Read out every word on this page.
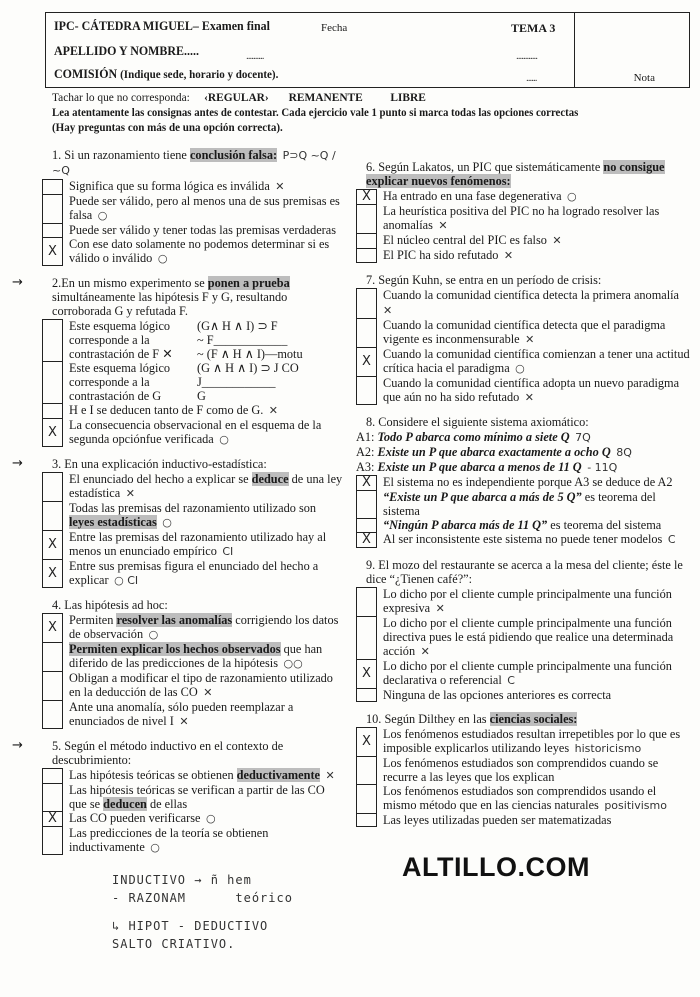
IPC- CÁTEDRA MIGUEL– Examen final	Fecha	TEMA 3
APELLIDO Y NOMBRE.....	..........	............
COMISIÓN (Indique sede, horario y docente).	......	Nota
Tachar lo que no corresponda: ‹REGULAR› REMANENTE LIBRE
Lea atentamente las consignas antes de contestar. Cada ejercicio vale 1 punto si marca todas las opciones correctas
(Hay preguntas con más de una opción correcta).
1. Si un razonamiento tiene conclusión falsa: P⊃Q ~Q / ~Q
Significa que su forma lógica es inválida ✕
Puede ser válido, pero al menos una de sus premisas es falsa ○
Puede ser válido y tener todas las premisas verdaderas
X Con ese dato solamente no podemos determinar si es válido o inválido ○
→ 2.En un mismo experimento se ponen a prueba simultáneamente las hipótesis F y G, resultando corroborada G y refutada F.
Este esquema lógico	(G∧ H ∧ I) ⊃ F
corresponde a la	~ F____________
contrastación de F ✕	~ (F ∧ H ∧ I)—motu
Este esquema lógico	(G ∧ H ∧ I) ⊃ J CO
corresponde a la	J____________
contrastación de G	G
H e I se deducen tanto de F como de G. ✕
X La consecuencia observacional en el esquema de la segunda opciónfue verificada ○
→ 3. En una explicación inductivo-estadística:
El enunciado del hecho a explicar se deduce de una ley estadística ✕
Todas las premisas del razonamiento utilizado son leyes estadísticas ○
X Entre las premisas del razonamiento utilizado hay al menos un enunciado empírico CI
X Entre sus premisas figura el enunciado del hecho a explicar ○ CI
4. Las hipótesis ad hoc:
X Permiten resolver las anomalías corrigiendo los datos de observación ○
Permiten explicar los hechos observados que han diferido de las predicciones de la hipótesis ○○
Obligan a modificar el tipo de razonamiento utilizado en la deducción de las CO ✕
Ante una anomalía, sólo pueden reemplazar a enunciados de nivel I ✕
→ 5. Según el método inductivo en el contexto de descubrimiento:
Las hipótesis teóricas se obtienen deductivamente ✕
Las hipótesis teóricas se verifican a partir de las CO que se deducen de ellas
X Las CO pueden verificarse ○
Las predicciones de la teoría se obtienen inductivamente ○
INDUCTIVO → ñ hem
- RAZONAM      teórico
↳ HIPOT - DEDUCTIVO
SALTO CRIATIVO.
6. Según Lakatos, un PIC que sistemáticamente no consigue explicar nuevos fenómenos:
X Ha entrado en una fase degenerativa ○
La heurística positiva del PIC no ha logrado resolver las anomalías ✕
El núcleo central del PIC es falso ✕
El PIC ha sido refutado ✕
7. Según Kuhn, se entra en un período de crisis:
Cuando la comunidad científica detecta la primera anomalía ✕
Cuando la comunidad científica detecta que el paradigma vigente es inconmensurable ✕
X Cuando la comunidad científica comienzan a tener una actitud crítica hacia el paradigma ○
Cuando la comunidad científica adopta un nuevo paradigma que aún no ha sido refutado ✕
8. Considere el siguiente sistema axiomático:
A1: Todo P abarca como mínimo a siete Q 7Q
A2: Existe un P que abarca exactamente a ocho Q 8Q
A3: Existe un P que abarca a menos de 11 Q - 11Q
X El sistema no es independiente porque A3 se deduce de A2
“Existe un P que abarca a más de 5 Q” es teorema del sistema
“Ningún P abarca más de 11 Q” es teorema del sistema
X Al ser inconsistente este sistema no puede tener modelos C
9. El mozo del restaurante se acerca a la mesa del cliente; éste le dice “¿Tienen café?”:
Lo dicho por el cliente cumple principalmente una función expresiva ✕
Lo dicho por el cliente cumple principalmente una función directiva pues le está pidiendo que realice una determinada acción ✕
X Lo dicho por el cliente cumple principalmente una función declarativa o referencial C
Ninguna de las opciones anteriores es correcta
10. Según Dilthey en las ciencias sociales:
X Los fenómenos estudiados resultan irrepetibles por lo que es imposible explicarlos utilizando leyes historicismo
Los fenómenos estudiados son comprendidos cuando se recurre a las leyes que los explican
Los fenómenos estudiados son comprendidos usando el mismo método que en las ciencias naturales positivismo
Las leyes utilizadas pueden ser matematizadas
ALTILLO.COM
